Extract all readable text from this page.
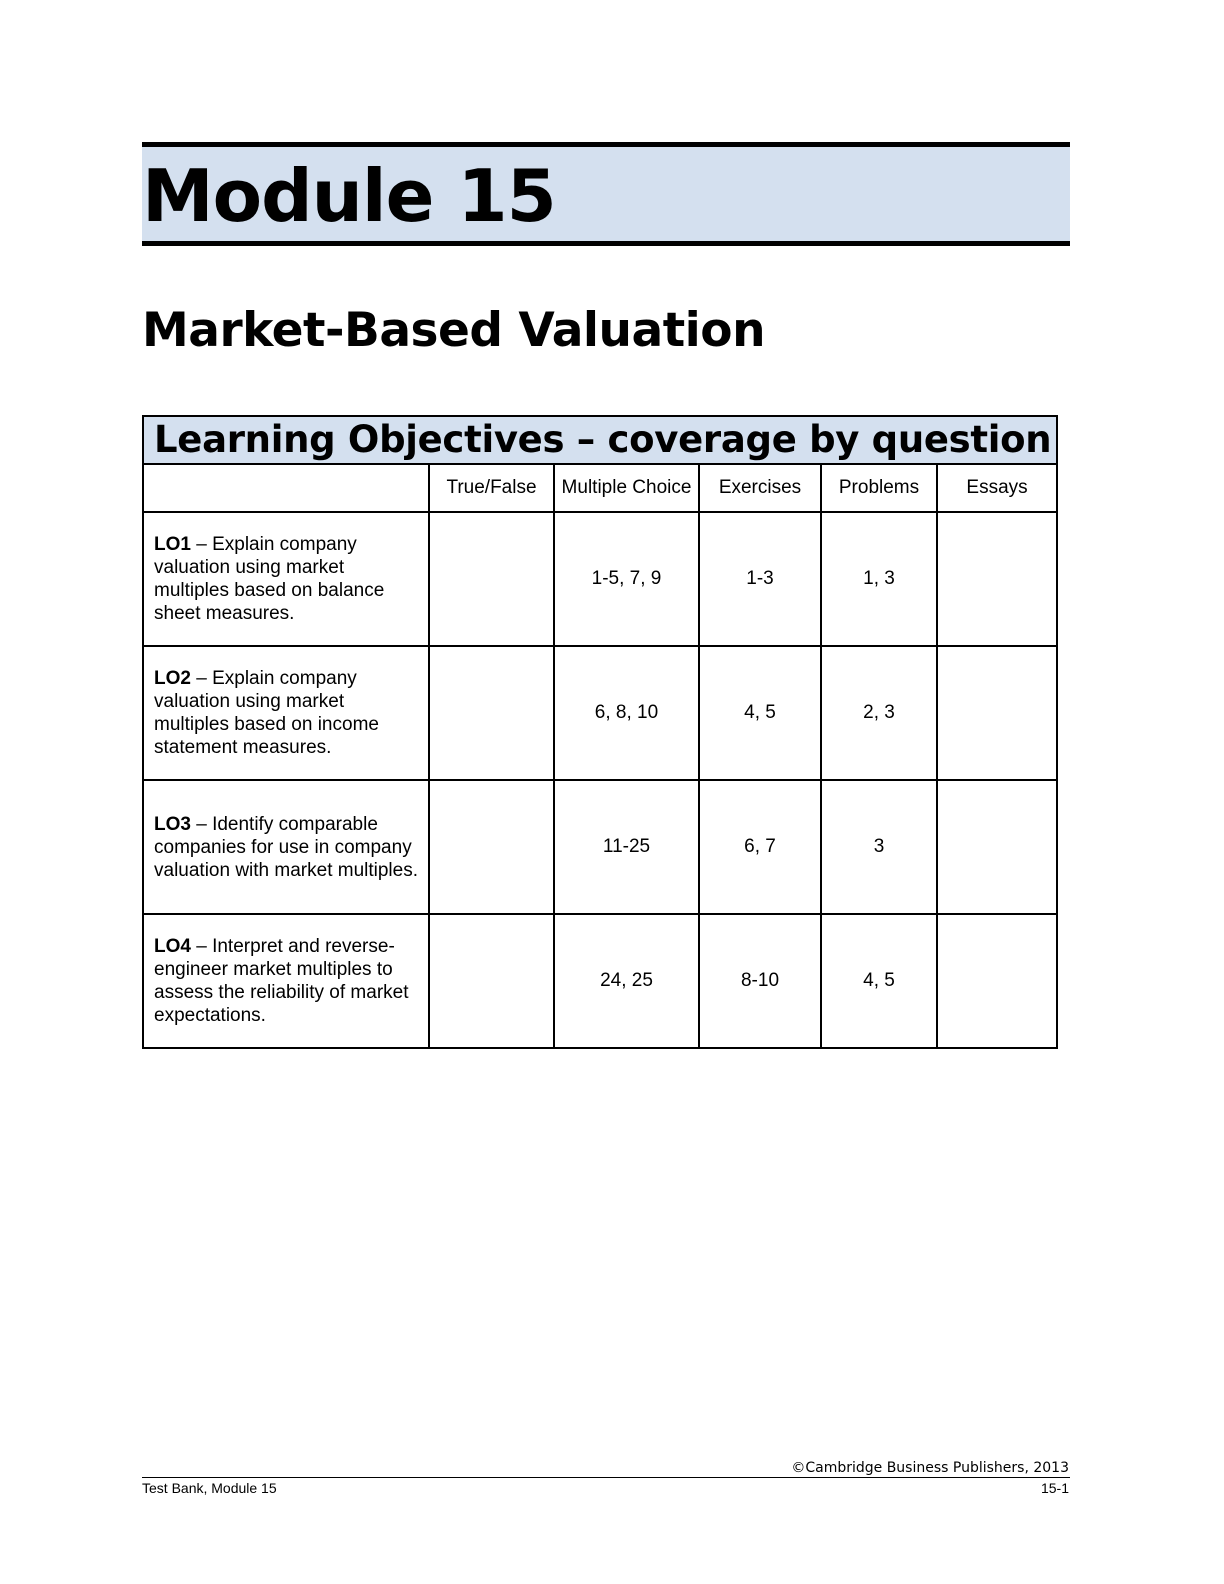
Module 15
Market-Based Valuation
Learning Objectives – coverage by question					
	True/False	Multiple Choice	Exercises	Problems	Essays
LO1 – Explain company valuation using market multiples based on balance sheet measures.		1-5, 7, 9	1-3	1, 3	
LO2 – Explain company valuation using market multiples based on income statement measures.		6, 8, 10	4, 5	2, 3	
LO3 – Identify comparable companies for use in company valuation with market multiples.		11-25	6, 7	3	
LO4 – Interpret and reverse-engineer market multiples to assess the reliability of market expectations.		24, 25	8-10	4, 5	
©Cambridge Business Publishers, 2013
Test Bank, Module 15	15-1
